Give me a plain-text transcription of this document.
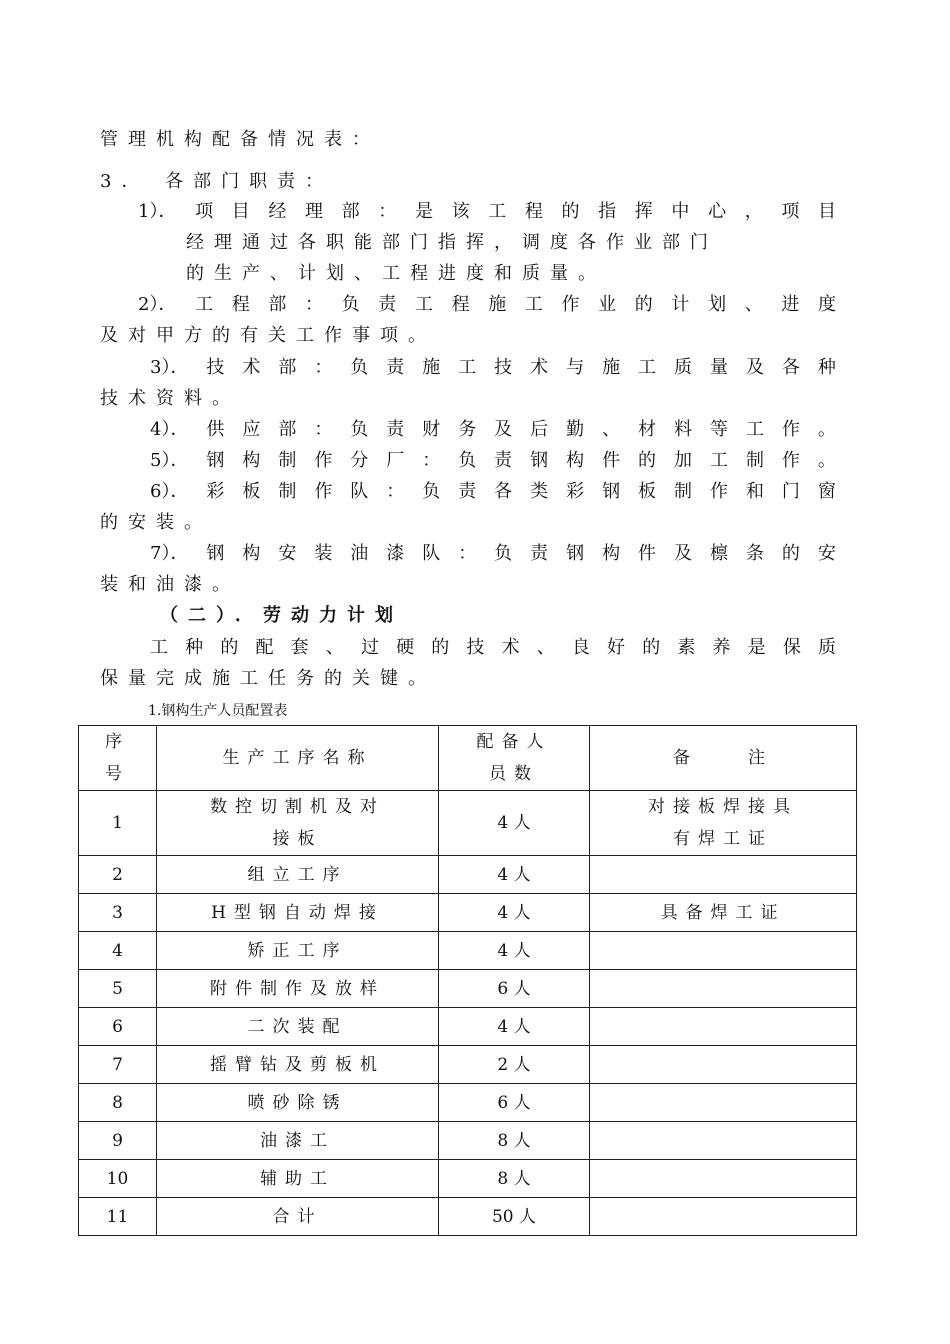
管理机构配备情况表：
3． 各部门职责：
1）． 项 目 经 理 部 ： 是 该 工 程 的 指 挥 中 心 ， 项 目
经理通过各职能部门指挥，调度各作业部门
的生产、计划、工程进度和质量。
2）． 工 程 部 ： 负 责 工 程 施 工 作 业 的 计 划 、 进 度
及对甲方的有关工作事项。
3）． 技 术 部 ： 负 责 施 工 技 术 与 施 工 质 量 及 各 种
技术资料。
4）． 供 应 部 ： 负 责 财 务 及 后 勤 、 材 料 等 工 作 。
5）． 钢 构 制 作 分 厂 ： 负 责 钢 构 件 的 加 工 制 作 。
6）． 彩 板 制 作 队 ： 负 责 各 类 彩 钢 板 制 作 和 门 窗
的安装。
7）． 钢 构 安 装 油 漆 队 ： 负 责 钢 构 件 及 檩 条 的 安
装和油漆。
（二）．劳动力计划
工 种 的 配 套 、 过 硬 的 技 术 、 良 好 的 素 养 是 保 质
保量完成施工任务的关键。
1.钢构生产人员配置表
序
号	生产工序名称	配备人
员数	备　　注
1	数控切割机及对
接板	4 人	对接板焊接具
有焊工证
2	组立工序	4 人	
3	H型钢自动焊接	4 人	具备焊工证
4	矫正工序	4 人	
5	附件制作及放样	6 人	
6	二次装配	4 人	
7	摇臂钻及剪板机	2 人	
8	喷砂除锈	6 人	
9	油漆工	8 人	
10	辅助工	8 人	
11	合计	50 人	
